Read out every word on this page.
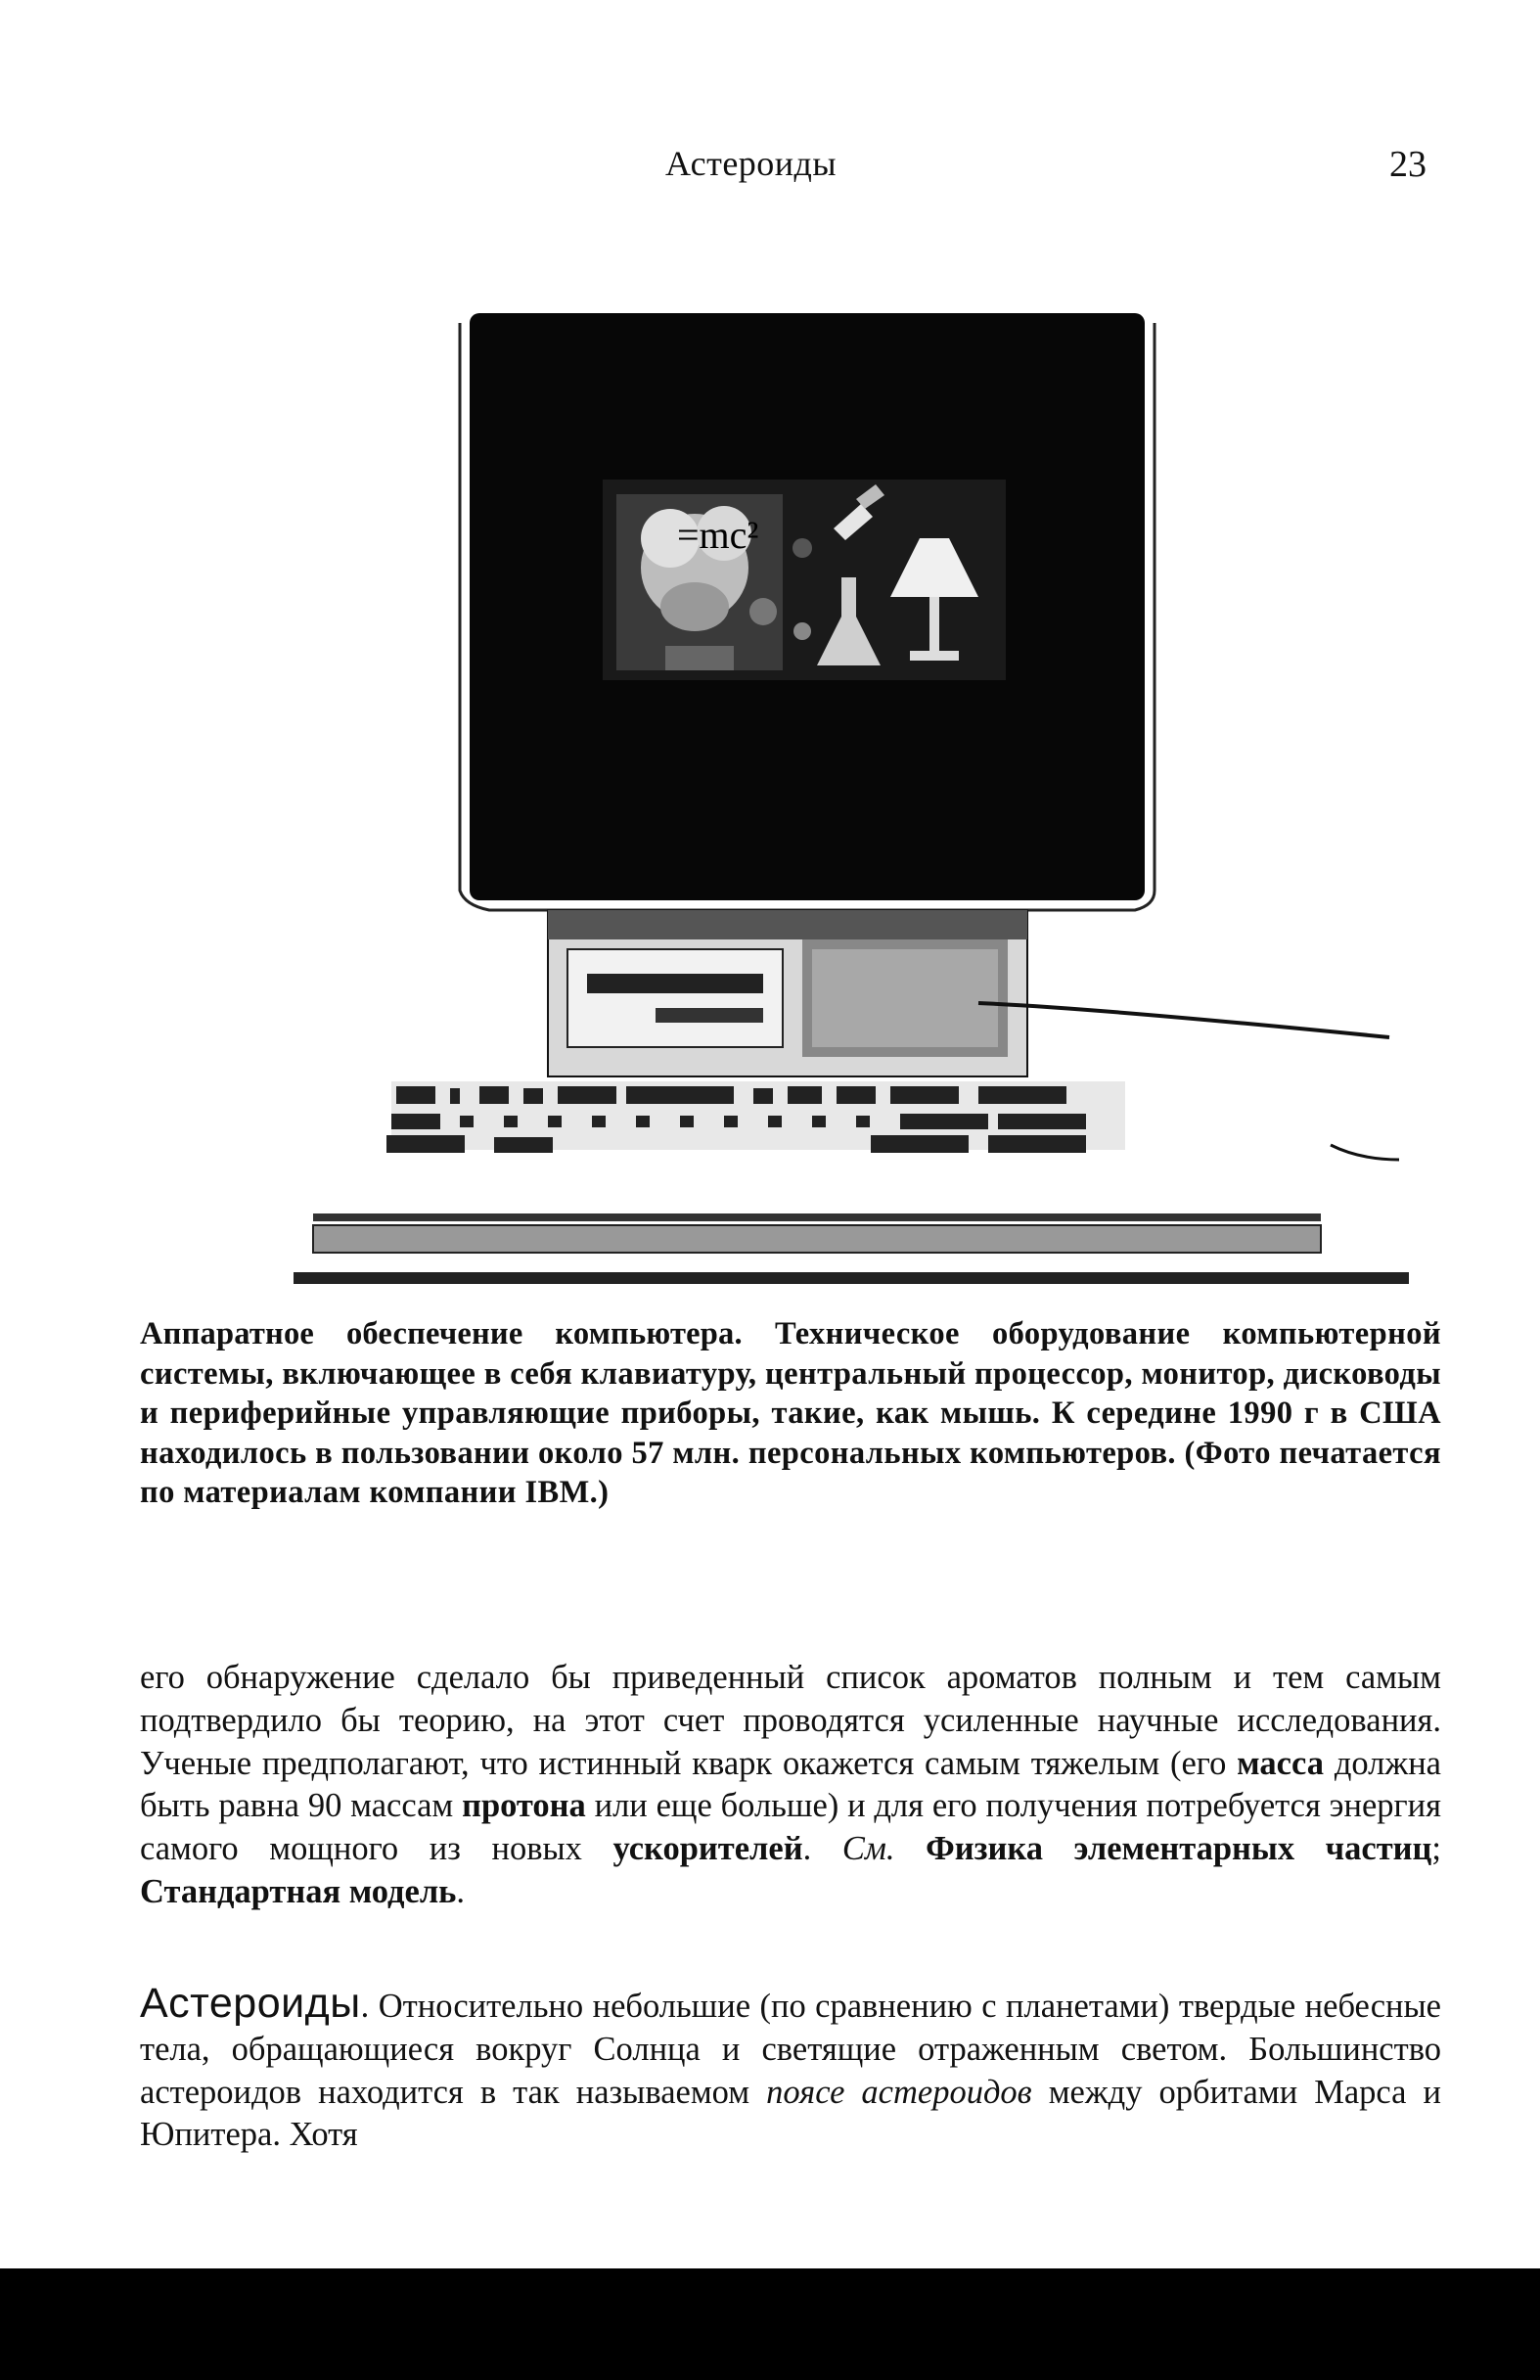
Астероиды	23
=mc²
Аппаратное обеспечение компьютера. Техническое оборудование компьютерной системы, включающее в себя клавиатуру, центральный процессор, монитор, дисководы и периферийные управляющие приборы, такие, как мышь. К середине 1990 г в США находилось в пользовании около 57 млн. персональных компьютеров. (Фото печатается по материалам компании IBM.)
его обнаружение сделало бы приведенный список ароматов полным и тем самым подтвердило бы теорию, на этот счет проводятся усиленные научные исследования. Ученые предполагают, что истинный кварк окажется самым тяжелым (его масса должна быть равна 90 массам протона или еще больше) и для его получения потребуется энергия самого мощного из новых ускорителей. См. Физика элементарных частиц; Стандартная модель.
Астероиды. Относительно небольшие (по сравнению с планетами) твердые небесные тела, обращающиеся вокруг Солнца и светящие отраженным светом. Большинство астероидов находится в так называемом поясе астероидов между орбитами Марса и Юпитера. Хотя
